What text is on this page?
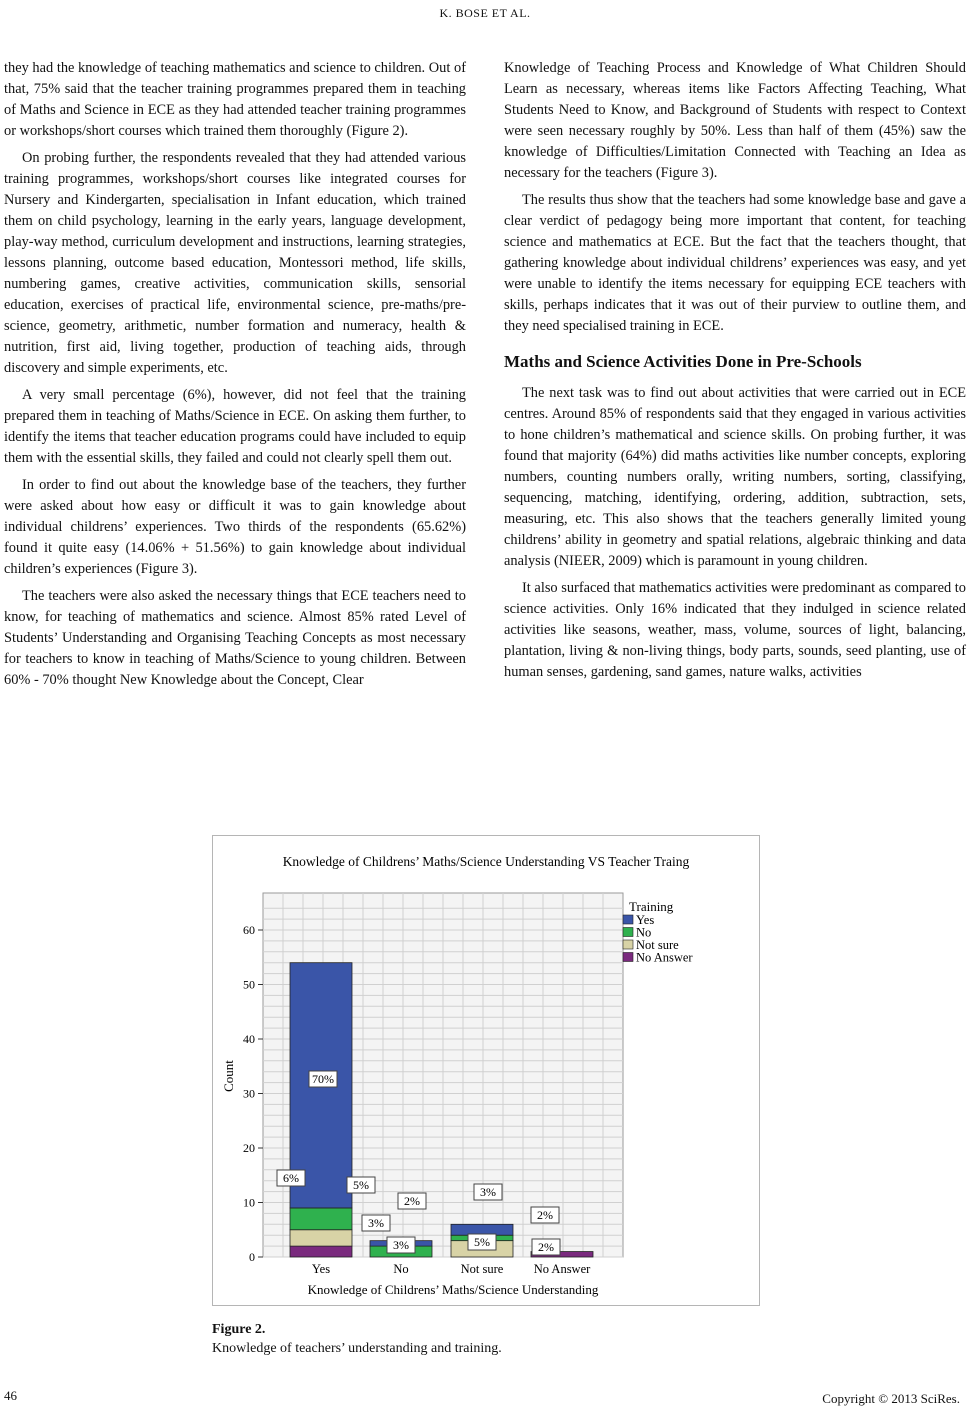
K. BOSE ET AL.

they had the knowledge of teaching mathematics and science to children. Out of that, 75% said that the teacher training programmes prepared them in teaching of Maths and Science in ECE as they had attended teacher training programmes or workshops/short courses which trained them thoroughly (Figure 2).

On probing further, the respondents revealed that they had attended various training programmes, workshops/short courses like integrated courses for Nursery and Kindergarten, specialisation in Infant education, which trained them on child psychology, learning in the early years, language development, play-way method, curriculum development and instructions, learning strategies, lessons planning, outcome based education, Montessori method, life skills, numbering games, creative activities, communication skills, sensorial education, exercises of practical life, environmental science, pre-maths/pre-science, geometry, arithmetic, number formation and numeracy, health & nutrition, first aid, living together, production of teaching aids, through discovery and simple experiments, etc.

A very small percentage (6%), however, did not feel that the training prepared them in teaching of Maths/Science in ECE. On asking them further, to identify the items that teacher education programs could have included to equip them with the essential skills, they failed and could not clearly spell them out.

In order to find out about the knowledge base of the teachers, they further were asked about how easy or difficult it was to gain knowledge about individual childrens’ experiences. Two thirds of the respondents (65.62%) found it quite easy (14.06% + 51.56%) to gain knowledge about individual children’s experiences (Figure 3).

The teachers were also asked the necessary things that ECE teachers need to know, for teaching of mathematics and science. Almost 85% rated Level of Students’ Understanding and Organising Teaching Concepts as most necessary for teachers to know in teaching of Maths/Science to young children. Between 60% - 70% thought New Knowledge about the Concept, Clear

Knowledge of Teaching Process and Knowledge of What Children Should Learn as necessary, whereas items like Factors Affecting Teaching, What Students Need to Know, and Background of Students with respect to Context were seen necessary roughly by 50%. Less than half of them (45%) saw the knowledge of Difficulties/Limitation Connected with Teaching an Idea as necessary for the teachers (Figure 3).

The results thus show that the teachers had some knowledge base and gave a clear verdict of pedagogy being more important that content, for teaching science and mathematics at ECE. But the fact that the teachers thought, that gathering knowledge about individual childrens’ experiences was easy, and yet were unable to identify the items necessary for equipping ECE teachers with skills, perhaps indicates that it was out of their purview to outline them, and they need specialised training in ECE.

Maths and Science Activities Done in Pre-Schools

The next task was to find out about activities that were carried out in ECE centres. Around 85% of respondents said that they engaged in various activities to hone children’s mathematical and science skills. On probing further, it was found that majority (64%) did maths activities like number concepts, exploring numbers, counting numbers orally, writing numbers, sorting, classifying, sequencing, matching, identifying, ordering, addition, subtraction, sets, measuring, etc. This also shows that the teachers generally limited young childrens’ ability in geometry and spatial relations, algebraic thinking and data analysis (NIEER, 2009) which is paramount in young children.

It also surfaced that mathematics activities were predominant as compared to science activities. Only 16% indicated that they indulged in science related activities like seasons, weather, mass, volume, sources of light, balancing, plantation, living & non-living things, body parts, sounds, seed planting, use of human senses, gardening, sand games, nature walks, activities

Knowledge of Childrens’ Maths/Science Understanding VS Teacher Traing
70%
6%	5%
3%
2%
3%
3%
5%
2%
2%
0
10
20
30
40
50
60
Yes	No	Not sure No Answer
Count
Knowledge of Childrens’ Maths/Science Understanding
Training
Yes
No
Not sure
No Answer
Figure 2.
Knowledge of teachers’ understanding and training.
46	Copyright © 2013 SciRes.
